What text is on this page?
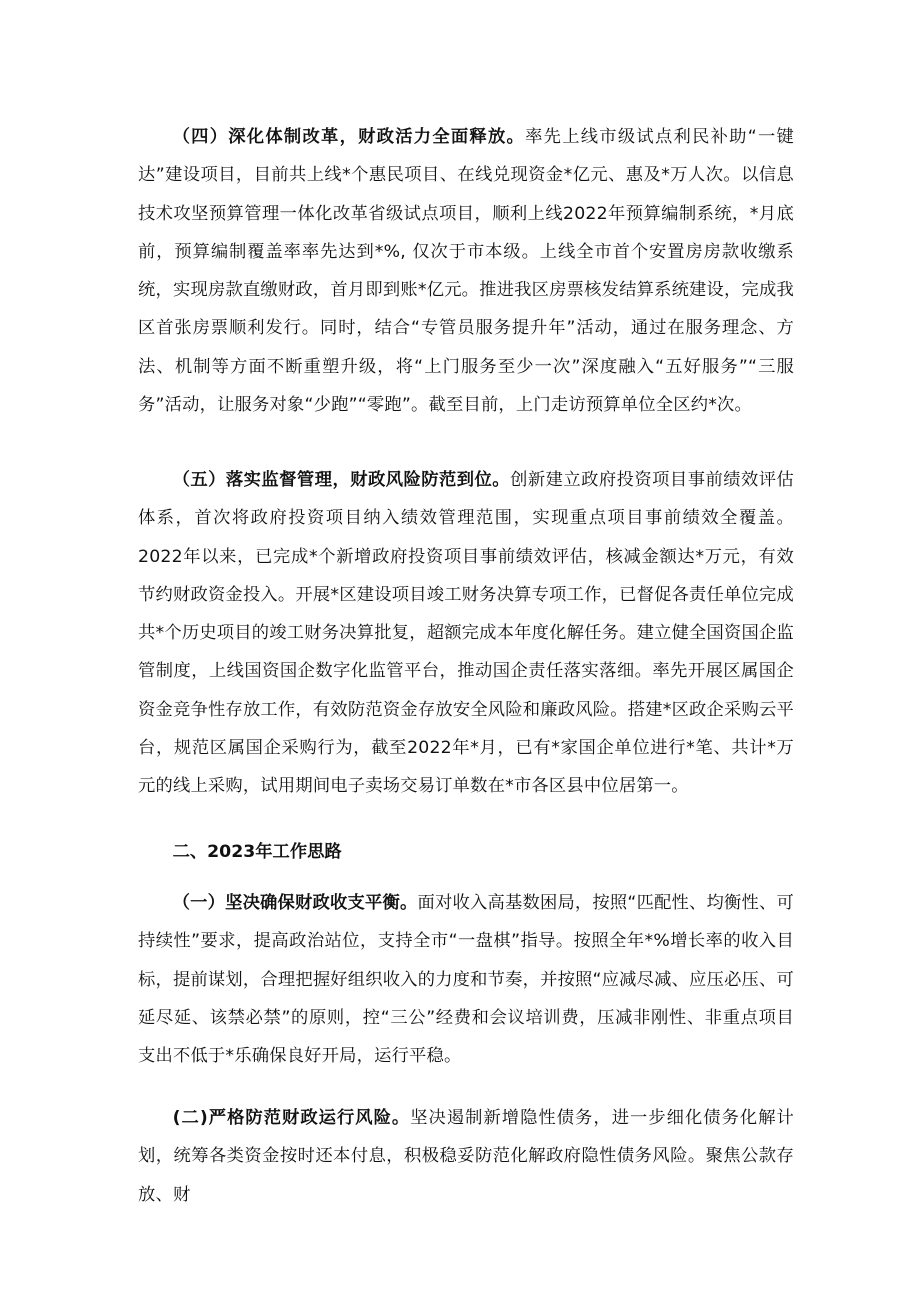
（四）深化体制改革，财政活力全面释放。率先上线市级试点利民补助“一键达”建设项目，目前共上线*个惠民项目、在线兑现资金*亿元、惠及*万人次。以信息技术攻坚预算管理一体化改革省级试点项目，顺利上线2022年预算编制系统，*月底前，预算编制覆盖率率先达到*%, 仅次于市本级。上线全市首个安置房房款收缴系统，实现房款直缴财政，首月即到账*亿元。推进我区房票核发结算系统建设，完成我区首张房票顺利发行。同时，结合“专管员服务提升年”活动，通过在服务理念、方法、机制等方面不断重塑升级，将“上门服务至少一次”深度融入“五好服务”“三服务”活动，让服务对象“少跑”“零跑”。截至目前，上门走访预算单位全区约*次。

（五）落实监督管理，财政风险防范到位。创新建立政府投资项目事前绩效评估体系，首次将政府投资项目纳入绩效管理范围，实现重点项目事前绩效全覆盖。2022年以来，已完成*个新增政府投资项目事前绩效评估，核减金额达*万元，有效节约财政资金投入。开展*区建设项目竣工财务决算专项工作，已督促各责任单位完成共*个历史项目的竣工财务决算批复，超额完成本年度化解任务。建立健全国资国企监管制度，上线国资国企数字化监管平台，推动国企责任落实落细。率先开展区属国企资金竞争性存放工作，有效防范资金存放安全风险和廉政风险。搭建*区政企采购云平台，规范区属国企采购行为，截至2022年*月，已有*家国企单位进行*笔、共计*万元的线上采购，试用期间电子卖场交易订单数在*市各区县中位居第一。

二、2023年工作思路

（一）坚决确保财政收支平衡。面对收入高基数困局，按照“匹配性、均衡性、可持续性”要求，提高政治站位，支持全市“一盘棋”指导。按照全年*%增长率的收入目标，提前谋划，合理把握好组织收入的力度和节奏，并按照“应减尽减、应压必压、可延尽延、该禁必禁”的原则，控“三公”经费和会议培训费，压减非刚性、非重点项目支出不低于*乐确保良好开局，运行平稳。

(二)严格防范财政运行风险。坚决遏制新增隐性债务，进一步细化债务化解计划，统筹各类资金按时还本付息，积极稳妥防范化解政府隐性债务风险。聚焦公款存放、财
